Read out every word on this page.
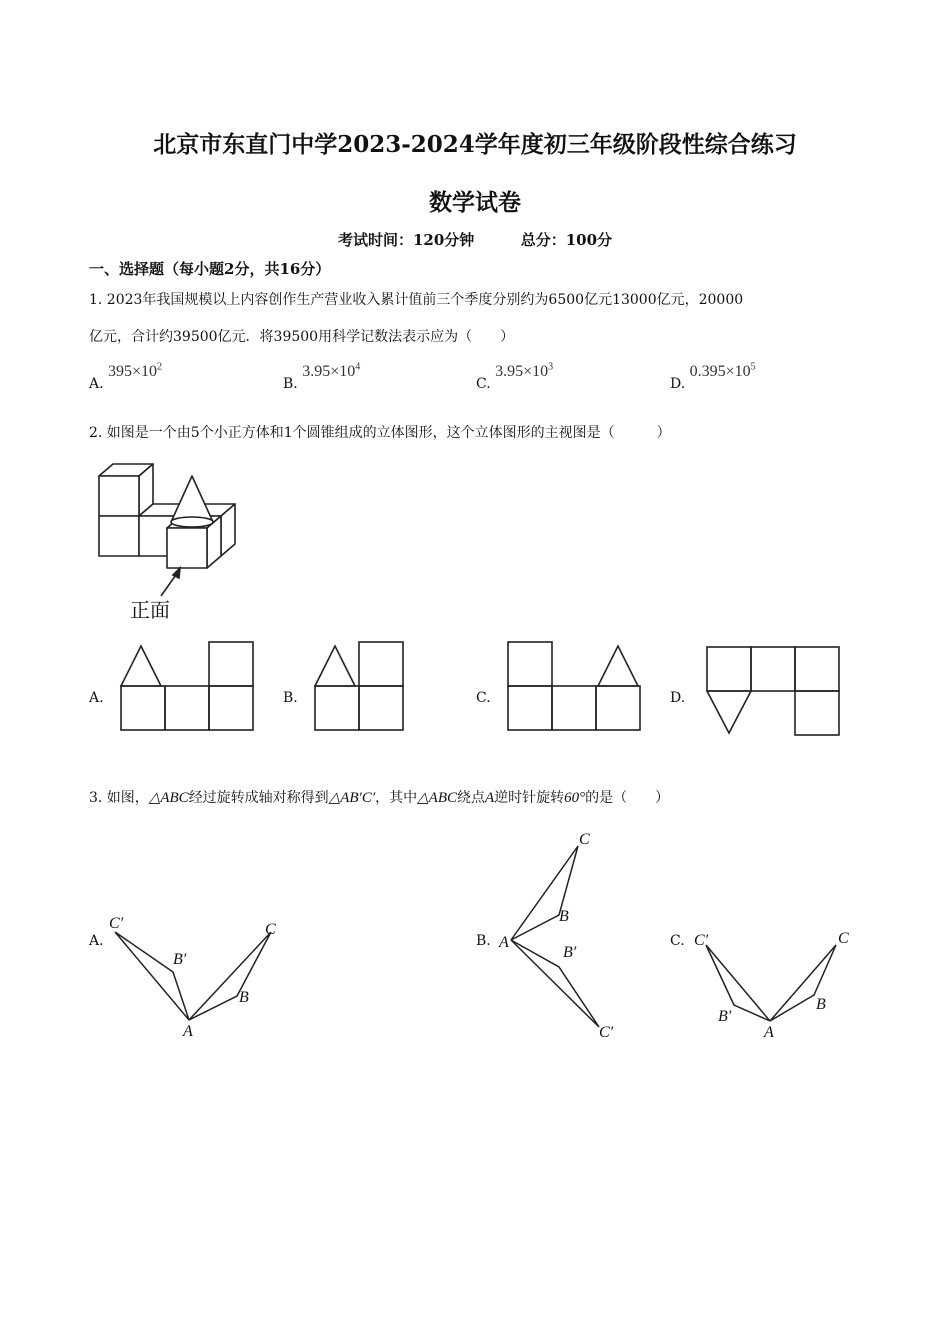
北京市东直门中学2023-2024学年度初三年级阶段性综合练习
数学试卷
考试时间：120分钟	总分：100分
一、选择题（每小题2分，共16分）
1. 2023年我国规模以上内容创作生产营业收入累计值前三个季度分别约为6500亿元13000亿元，20000
亿元，合计约39500亿元．将39500用科学记数法表示应为（　　）
A. $395\times 10^2$
B. $3.95\times 10^4$
C. $3.95\times 10^3$
D. $0.395\times 10^5$
2. 如图是一个由5个小正方体和1个圆锥组成的立体图形，这个立体图形的主视图是（　　　）
正面
A.	B.	C.	D.
3. 如图，△ABC经过旋转成轴对称得到△AB′C′，其中△ABC绕点A逆时针旋转60°的是（　　）
A.
C′
B′
A
B
C
B.
C
B
A
B′
C′
C. C′
B′
A
B
C
